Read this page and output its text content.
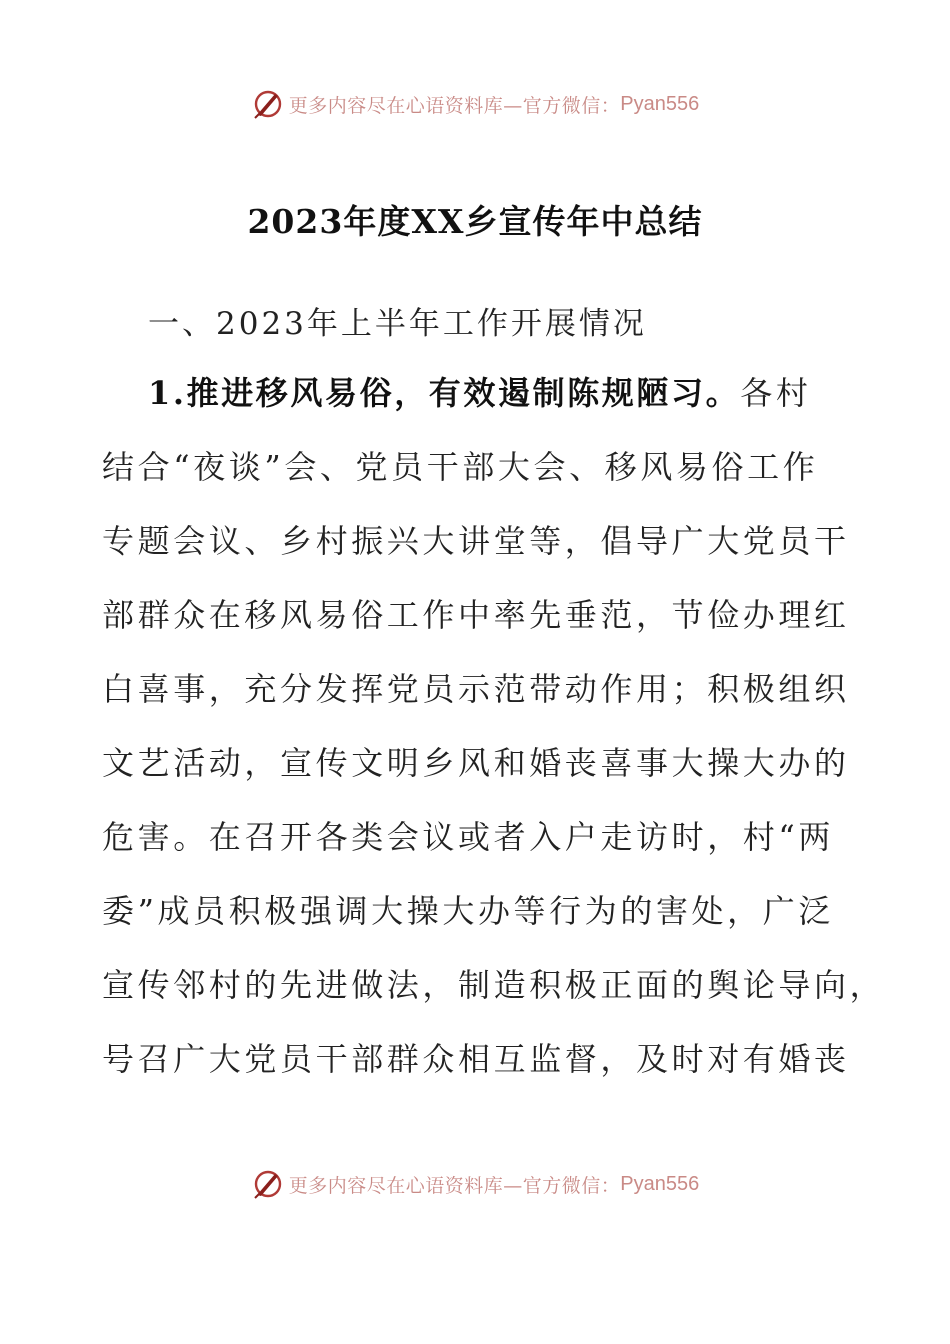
更多内容尽在心语资料库—官方微信： Pyan556
2023年度XX乡宣传年中总结

一、2023年上半年工作开展情况

1.推进移风易俗，有效遏制陈规陋习。各村
结合“夜谈”会、党员干部大会、移风易俗工作
专题会议、乡村振兴大讲堂等，倡导广大党员干
部群众在移风易俗工作中率先垂范，节俭办理红
白喜事，充分发挥党员示范带动作用；积极组织
文艺活动，宣传文明乡风和婚丧喜事大操大办的
危害。在召开各类会议或者入户走访时，村“两
委”成员积极强调大操大办等行为的害处，广泛
宣传邻村的先进做法，制造积极正面的舆论导向，
号召广大党员干部群众相互监督，及时对有婚丧
更多内容尽在心语资料库—官方微信： Pyan556
